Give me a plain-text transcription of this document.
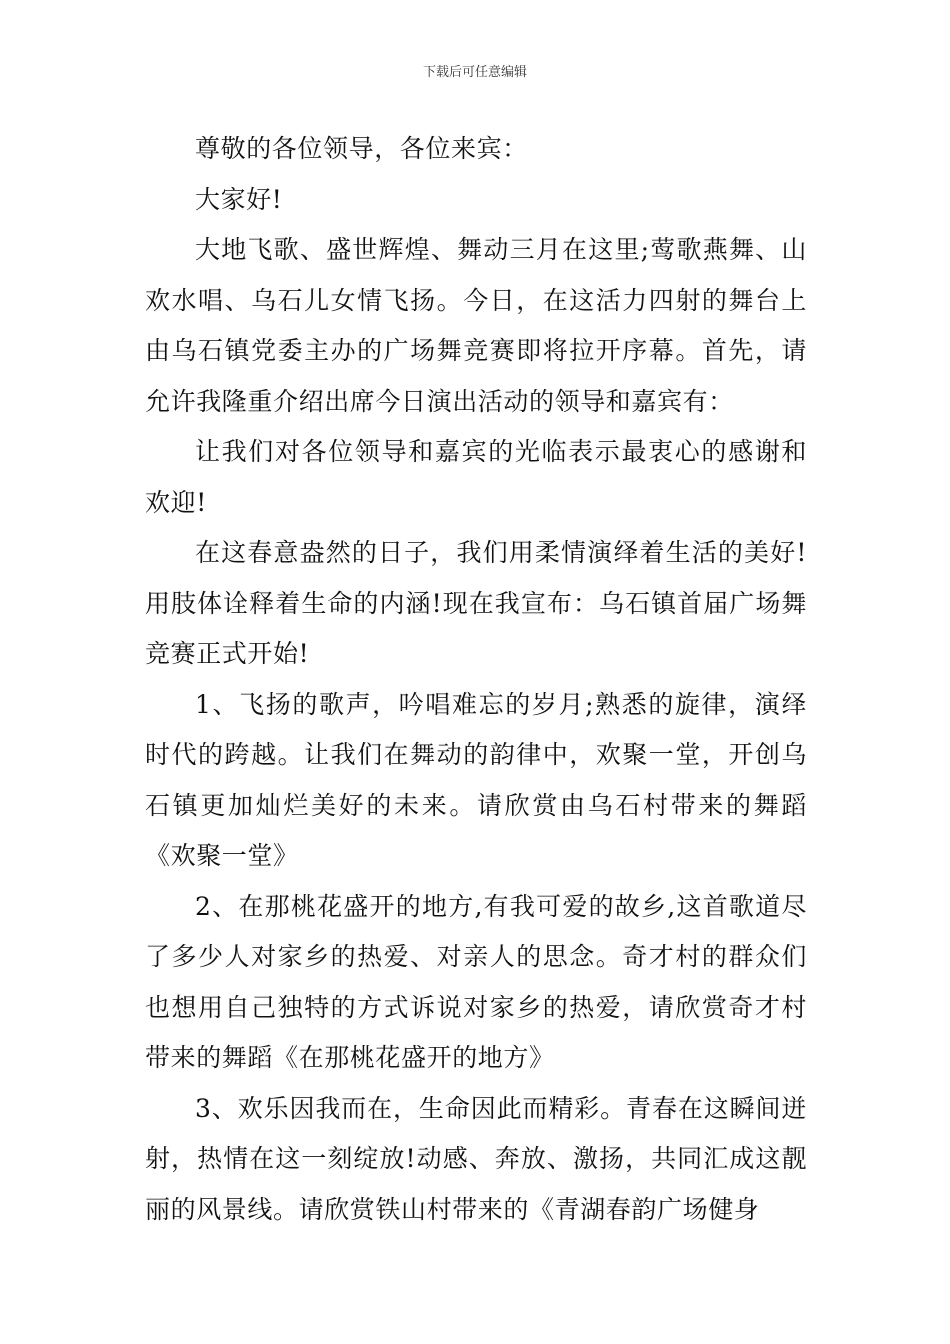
下载后可任意编辑

尊敬的各位领导，各位来宾：

大家好!

大地飞歌、盛世辉煌、舞动三月在这里;莺歌燕舞、山欢水唱、乌石儿女情飞扬。今日，在这活力四射的舞台上由乌石镇党委主办的广场舞竞赛即将拉开序幕。首先，请允许我隆重介绍出席今日演出活动的领导和嘉宾有：

让我们对各位领导和嘉宾的光临表示最衷心的感谢和欢迎!

在这春意盎然的日子，我们用柔情演绎着生活的美好!用肢体诠释着生命的内涵!现在我宣布：乌石镇首届广场舞竞赛正式开始!

1、飞扬的歌声，吟唱难忘的岁月;熟悉的旋律，演绎时代的跨越。让我们在舞动的韵律中，欢聚一堂，开创乌石镇更加灿烂美好的未来。请欣赏由乌石村带来的舞蹈《欢聚一堂》

2、在那桃花盛开的地方,有我可爱的故乡,这首歌道尽了多少人对家乡的热爱、对亲人的思念。奇才村的群众们也想用自己独特的方式诉说对家乡的热爱，请欣赏奇才村带来的舞蹈《在那桃花盛开的地方》

3、欢乐因我而在，生命因此而精彩。青春在这瞬间迸射，热情在这一刻绽放!动感、奔放、激扬，共同汇成这靓丽的风景线。请欣赏铁山村带来的《青湖春韵广场健身
